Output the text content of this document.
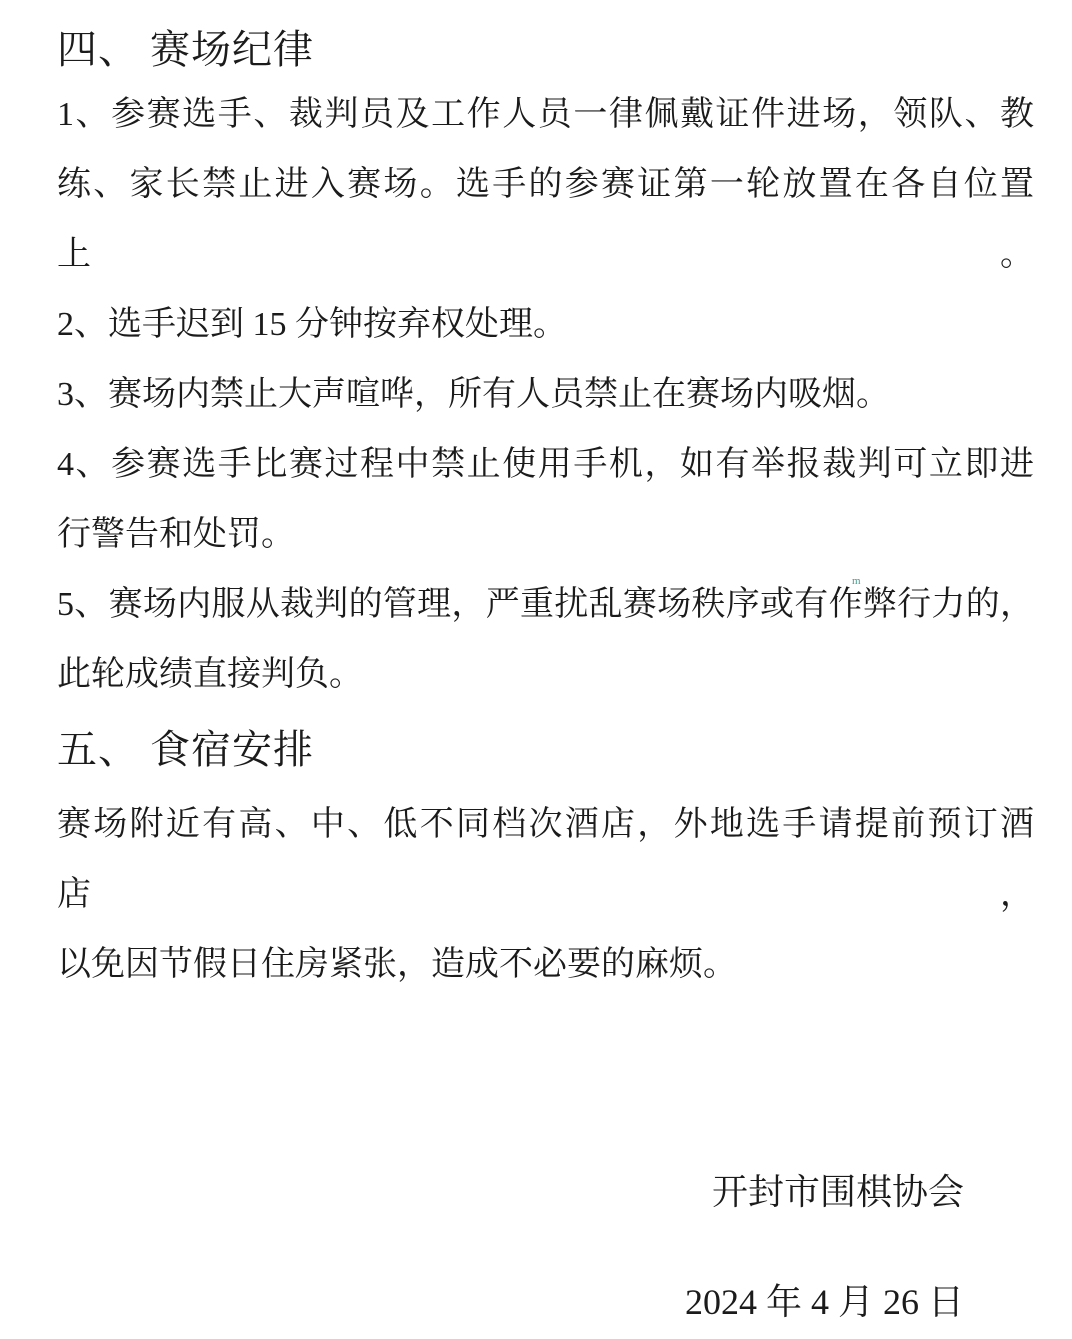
四、 赛场纪律

1、参赛选手、裁判员及工作人员一律佩戴证件进场，领队、教

练、家长禁止进入赛场。选手的参赛证第一轮放置在各自位置上。

2、选手迟到 15 分钟按弃权处理。

3、赛场内禁止大声喧哗，所有人员禁止在赛场内吸烟。

4、参赛选手比赛过程中禁止使用手机，如有举报裁判可立即进

行警告和处罚。

5、赛场内服从裁判的管理，严重扰乱赛场秩序或有作弊行力的，
m

此轮成绩直接判负。

五、 食宿安排

赛场附近有高、中、低不同档次酒店，外地选手请提前预订酒店，

以免因节假日住房紧张，造成不必要的麻烦。

开封市围棋协会

2024 年 4 月 26 日
